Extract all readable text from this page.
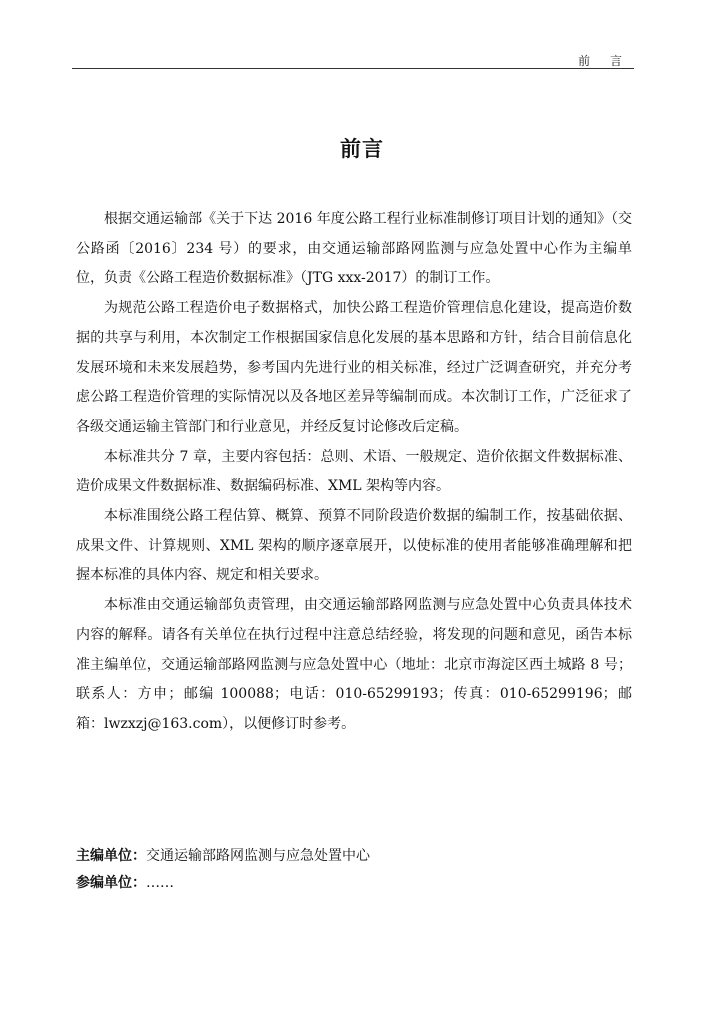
前 言
前言

根据交通运输部《关于下达 2016 年度公路工程行业标准制修订项目计划的通知》（交公路函〔2016〕234 号）的要求，由交通运输部路网监测与应急处置中心作为主编单位，负责《公路工程造价数据标准》（JTG xxx-2017）的制订工作。

为规范公路工程造价电子数据格式，加快公路工程造价管理信息化建设，提高造价数据的共享与利用，本次制定工作根据国家信息化发展的基本思路和方针，结合目前信息化发展环境和未来发展趋势，参考国内先进行业的相关标准，经过广泛调查研究，并充分考虑公路工程造价管理的实际情况以及各地区差异等编制而成。本次制订工作，广泛征求了各级交通运输主管部门和行业意见，并经反复讨论修改后定稿。

本标准共分 7 章，主要内容包括：总则、术语、一般规定、造价依据文件数据标准、造价成果文件数据标准、数据编码标准、XML 架构等内容。

本标准围绕公路工程估算、概算、预算不同阶段造价数据的编制工作，按基础依据、成果文件、计算规则、XML 架构的顺序逐章展开，以使标准的使用者能够准确理解和把握本标准的具体内容、规定和相关要求。

本标准由交通运输部负责管理，由交通运输部路网监测与应急处置中心负责具体技术内容的解释。请各有关单位在执行过程中注意总结经验，将发现的问题和意见，函告本标准主编单位，交通运输部路网监测与应急处置中心（地址：北京市海淀区西土城路 8 号；联系人：方申；邮编 100088；电话：010-65299193；传真：010-65299196；邮箱：lwzxzj@163.com），以便修订时参考。

主编单位：交通运输部路网监测与应急处置中心
参编单位：……
